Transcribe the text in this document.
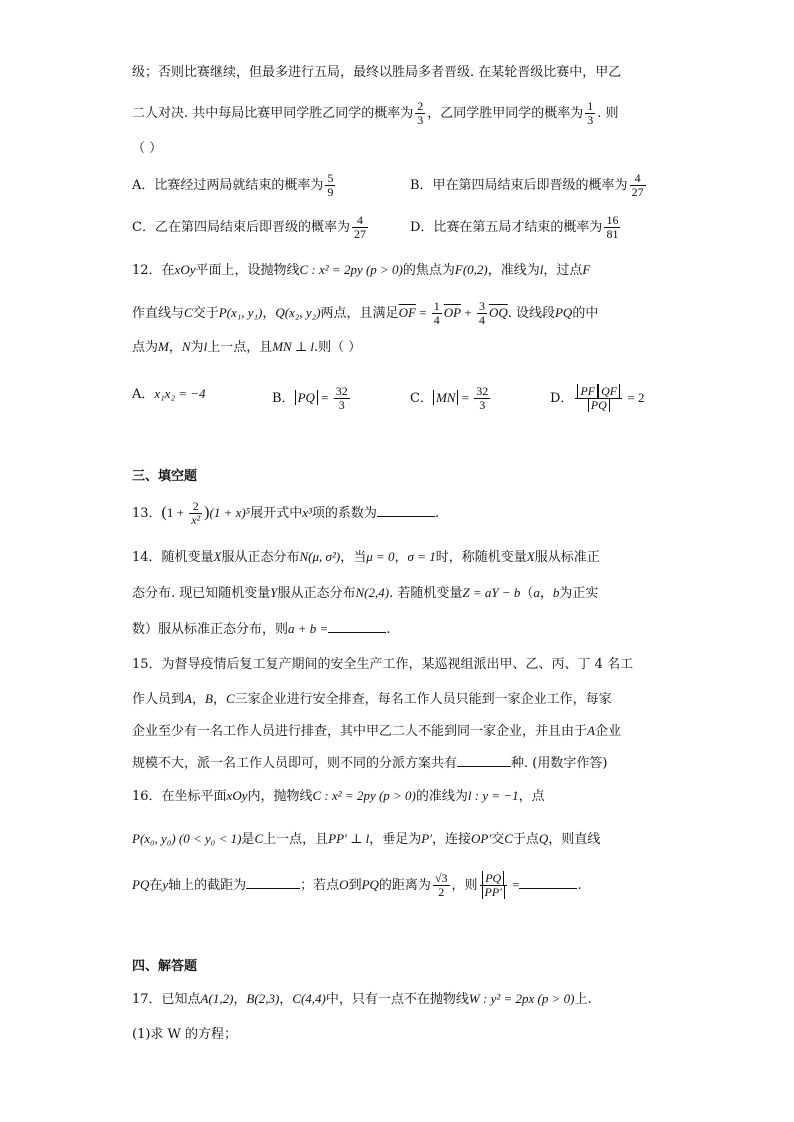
级；否则比赛继续，但最多进行五局，最终以胜局多者晋级. 在某轮晋级比赛中，甲乙
二人对决. 共中每局比赛甲同学胜乙同学的概率为 $\frac{2}{3}$ ，乙同学胜甲同学的概率为 $\frac{1}{3}$ . 则
（ ）
A．比赛经过两局就结束的概率为 $\frac{5}{9}$	B．甲在第四局结束后即晋级的概率为 $\frac{4}{27}$
C．乙在第四局结束后即晋级的概率为 $\frac{4}{27}$	D．比赛在第五局才结束的概率为 $\frac{16}{81}$
12．在xOy平面上，设抛物线C : x² = 2py (p > 0)的焦点为F(0,2)，准线为l，过点F
作直线与C交于P(x₁, y₁)，Q(x₂, y₂)两点，且满足$\overline{OF} = \frac{1}{4} \overline{OP} + \frac{3}{4} \overline{OQ}$. 设线段PQ的中
点为M，N为l上一点，且MN ⊥ l.则（ ）
A．x₁x₂ = −4	B． PQ = $\frac{32}{3}$	C． MN = $\frac{32}{3}$	D． $\frac{\text{PF QF}}{PQ} = 2$
三、填空题
13．$(1 + \frac{2}{\text{x²}} )(1 + x)^5$展开式中x³项的系数为	.
14．随机变量X服从正态分布N(μ, σ²)，当μ = 0，σ = 1时，称随机变量X服从标准正
态分布. 现已知随机变量Y服从正态分布N(2,4). 若随机变量Z = aY − b（a，b为正实
数）服从标准正态分布，则a + b =	.
15．为督导疫情后复工复产期间的安全生产工作，某巡视组派出甲、乙、丙、丁 4 名工
作人员到A，B，C三家企业进行安全排查，每名工作人员只能到一家企业工作，每家
企业至少有一名工作人员进行排查，其中甲乙二人不能到同一家企业，并且由于A企业
规模不大，派一名工作人员即可，则不同的分派方案共有	种. (用数字作答)
16．在坐标平面xOy内，抛物线C : x² = 2py (p > 0)的准线为l : y = −1，点
P(x₀, y₀) (0 < y₀ < 1)是C上一点，且PP′ ⊥ l，垂足为P′，连接OP′交C于点Q，则直线
PQ在y轴上的截距为	；若点O到PQ的距离为 $\frac{√3}{2}$ ，则 $\frac{PQ}{PP'}$ =	.
四、解答题
17．已知点A(1,2)，B(2,3)，C(4,4)中，只有一点不在抛物线W : y² = 2px (p > 0)上.
(1)求 W 的方程；
